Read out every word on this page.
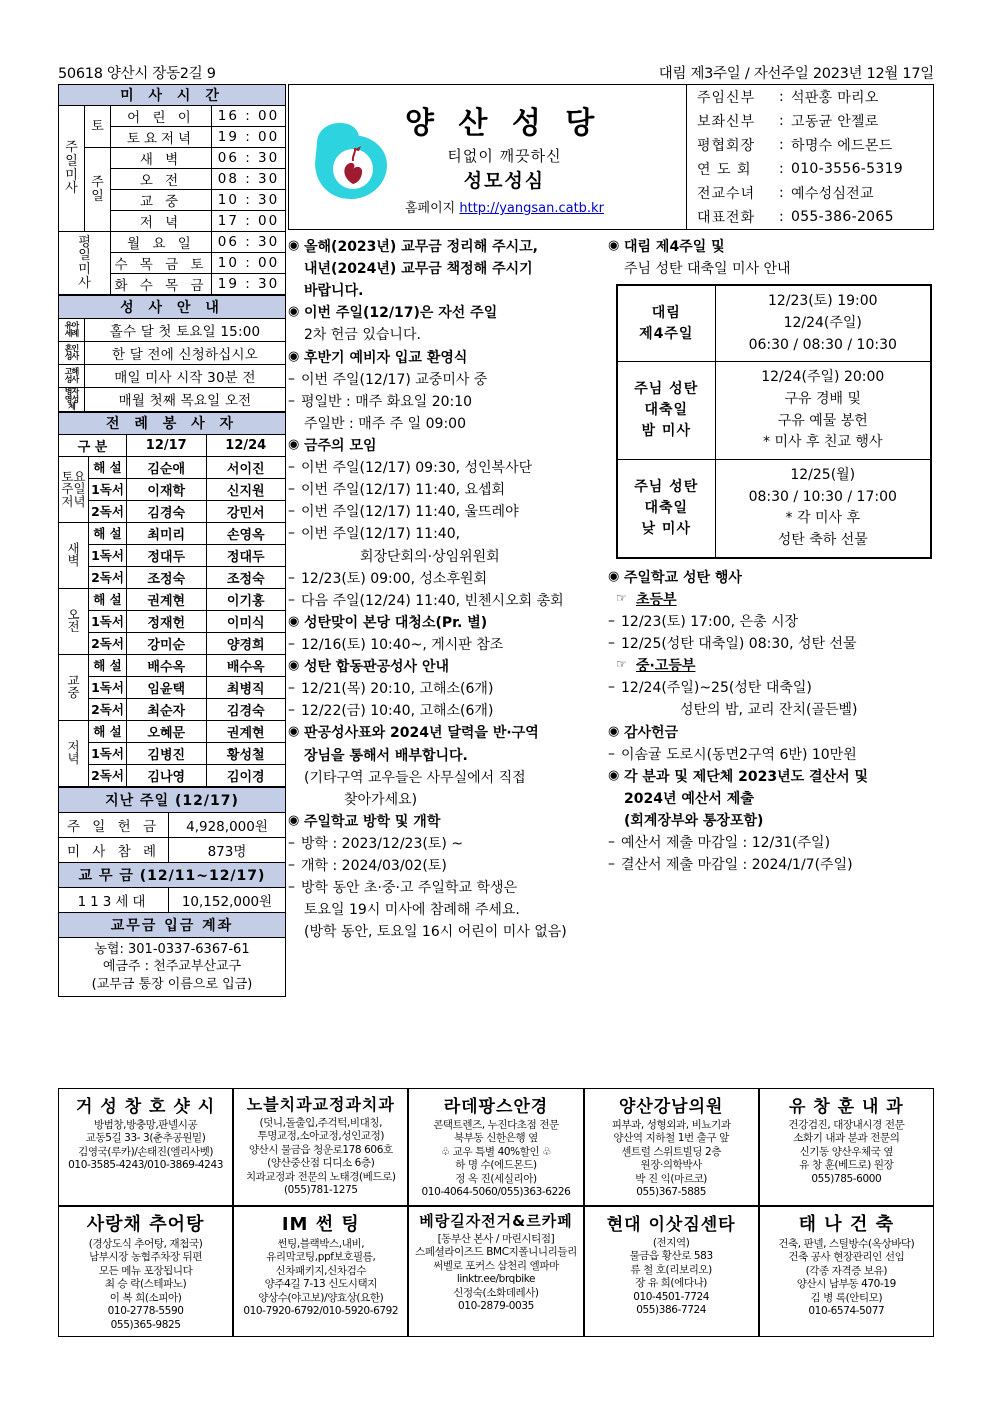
50618 양산시 장동2길 9	대림 제3주일 / 자선주일 2023년 12월 17일
양 산 성 당
티없이 깨끗하신
성모성심
홈페이지 http://yangsan.catb.kr
주임신부	: 석판홍 마리오
보좌신부	: 고동균 안젤로
평협회장	: 하명수 에드몬드
연 도 회	: 010-3556-5319
전교수녀	: 예수성심전교
대표전화	: 055-386-2065
미 사 시 간			
주
일
미
사	토	어 린 이	16 : 00
		토요저녁	19 : 00
	주
일	새 벽	06 : 30
		오 전	08 : 30
		교 중	10 : 30
		저 녁	17 : 00
평
일
미
사		월 요 일	06 : 30
		수 목 금 토	10 : 00
		화 수 목 금	19 : 30
성 사 안 내	
유아
세례	홀수 달 첫 토요일 15:00
혼인
성사	한 달 전에 신청하십시오
고해
성사	매일 미사 시작 30분 전
병자
영성체	매월 첫째 목요일 오전
전 례 봉 사 자			
구 분		12/17	12/24
토요
주일
저녁	해 설	김순애	서이진
	1독서	이재학	신지원
	2독서	김경숙	강민서
새
벽	해 설	최미리	손영옥
	1독서	정대두	정대두
	2독서	조정숙	조정숙
오
전	해 설	권계현	이기홍
	1독서	정재헌	이미식
	2독서	강미순	양경희
교
중	해 설	배수옥	배수옥
	1독서	임윤택	최병직
	2독서	최순자	김경숙
저
녁	해 설	오혜문	권계현
	1독서	김병진	황성철
	2독서	김나영	김이경
지난 주일 (12/17)	
주 일 헌 금	4,928,000원
미 사 참 례	873명
교 무 금 (12/11~12/17)	
113세대	10,152,000원
교무금 입금 계좌	
농협: 301-0337-6367-61
예금주 : 천주교부산교구
(교무금 통장 이름으로 입금)	
◉ 올해(2023년) 교무금 정리해 주시고,
내년(2024년) 교무금 책정해 주시기
바랍니다.
◉ 이번 주일(12/17)은 자선 주일
2차 헌금 있습니다.
◉ 후반기 예비자 입교 환영식
– 이번 주일(12/17) 교중미사 중
– 평일반 : 매주 화요일 20:10
주일반 : 매주 주 일 09:00
◉ 금주의 모임
– 이번 주일(12/17) 09:30, 성인복사단
– 이번 주일(12/17) 11:40, 요셉회
– 이번 주일(12/17) 11:40, 울뜨레야
– 이번 주일(12/17) 11:40,
회장단회의·상임위원회
– 12/23(토) 09:00, 성소후원회
– 다음 주일(12/24) 11:40, 빈첸시오회 총회
◉ 성탄맞이 본당 대청소(Pr. 별)
– 12/16(토) 10:40~, 게시판 참조
◉ 성탄 합동판공성사 안내
– 12/21(목) 20:10, 고해소(6개)
– 12/22(금) 10:40, 고해소(6개)
◉ 판공성사표와 2024년 달력을 반·구역
장님을 통해서 배부합니다.
(기타구역 교우들은 사무실에서 직접
찾아가세요)
◉ 주일학교 방학 및 개학
– 방학 : 2023/12/23(토) ~
– 개학 : 2024/03/02(토)
– 방학 동안 초·중·고 주일학교 학생은
토요일 19시 미사에 참례해 주세요.
(방학 동안, 토요일 16시 어린이 미사 없음)
◉ 대림 제4주일 및
주님 성탄 대축일 미사 안내
대림
제4주일	12/23(토) 19:00
12/24(주일)
06:30 / 08:30 / 10:30
주님 성탄
대축일
밤 미사	12/24(주일) 20:00
구유 경배 및
구유 예물 봉헌
* 미사 후 친교 행사
주님 성탄
대축일
낮 미사	12/25(월)
08:30 / 10:30 / 17:00
* 각 미사 후
성탄 축하 선물
◉ 주일학교 성탄 행사
☞ 초등부
– 12/23(토) 17:00, 은총 시장
– 12/25(성탄 대축일) 08:30, 성탄 선물
☞ 중·고등부
– 12/24(주일)~25(성탄 대축일)
성탄의 밤, 교리 잔치(골든벨)
◉ 감사헌금
– 이솜귤 도로시(동면2구역 6반) 10만원
◉ 각 분과 및 제단체 2023년도 결산서 및
2024년 예산서 제출
(회계장부와 통장포함)
– 예산서 제출 마감일 : 12/31(주일)
– 결산서 제출 마감일 : 2024/1/7(주일)
거 성 창 호 샷 시
방범창,방충망,판넬시공
교동5길 33- 3(춘추공원밑)
김영국(루카)/손태진(엘리사벳)
010-3585-4243/010-3869-4243
노블치과교정과치과
(덧니,돌출입,주걱턱,비대칭,
투명교정,소아교정,성인교정)
양산시 물금읍 청운로178 606호
(양산중산점 디디소 6층)
치과교정과 전문의 노태경(베드로)
(055)781-1275
라데팡스안경
콘택트렌즈, 누진다초점 전문
북부동 신한은행 옆
♧ 교우 특별 40%할인 ♧
하 명 수(에드몬드)
정 옥 진(세실리아)
010-4064-5060/055)363-6226
양산강남의원
피부과, 성형외과, 비뇨기과
양산역 지하철 1번 출구 앞
센트럴 스위트빌딩 2층
원장·의학박사
박 진 익(마르코)
055)367-5885
유 창 훈 내 과
건강검진, 대장내시경 전문
소화기 내과 분과 전문의
신기동 양산우체국 옆
유 창 훈(베드로) 원장
055)785-6000
사랑채 추어탕
(경상도식 추어탕, 재첩국)
남부시장 농협주차장 뒤편
모든 메뉴 포장됩니다
최 승 락(스테파노)
이 복 희(소피아)
010-2778-5590
055)365-9825
IM 썬 팅
썬팅,블랙박스,내비,
유리막코팅,ppf보호필름,
신차패키지,신차검수
양주4길 7-13 신도시택지
양상수(야고보)/양효상(요한)
010-7920-6792/010-5920-6792
베랑길자전거&르카페
[동부산 본사 / 마린시티점]
스페셜라이즈드 BMC지폴니니리들리
써벨로 포커스 삼천리 엘파마
linktr.ee/brqbike
신정숙(소화데레사)
010-2879-0035
현대 이삿짐센타
(전지역)
물금읍 황산로 583
류 철 호(리보리오)
장 유 희(에다나)
010-4501-7724
055)386-7724
태 나 건 축
건축, 판넬, 스틸방수(옥상바닥)
건축 공사 현장관리인 선임
(각종 자격증 보유)
양산시 남부동 470-19
김 병 록(안티모)
010-6574-5077
